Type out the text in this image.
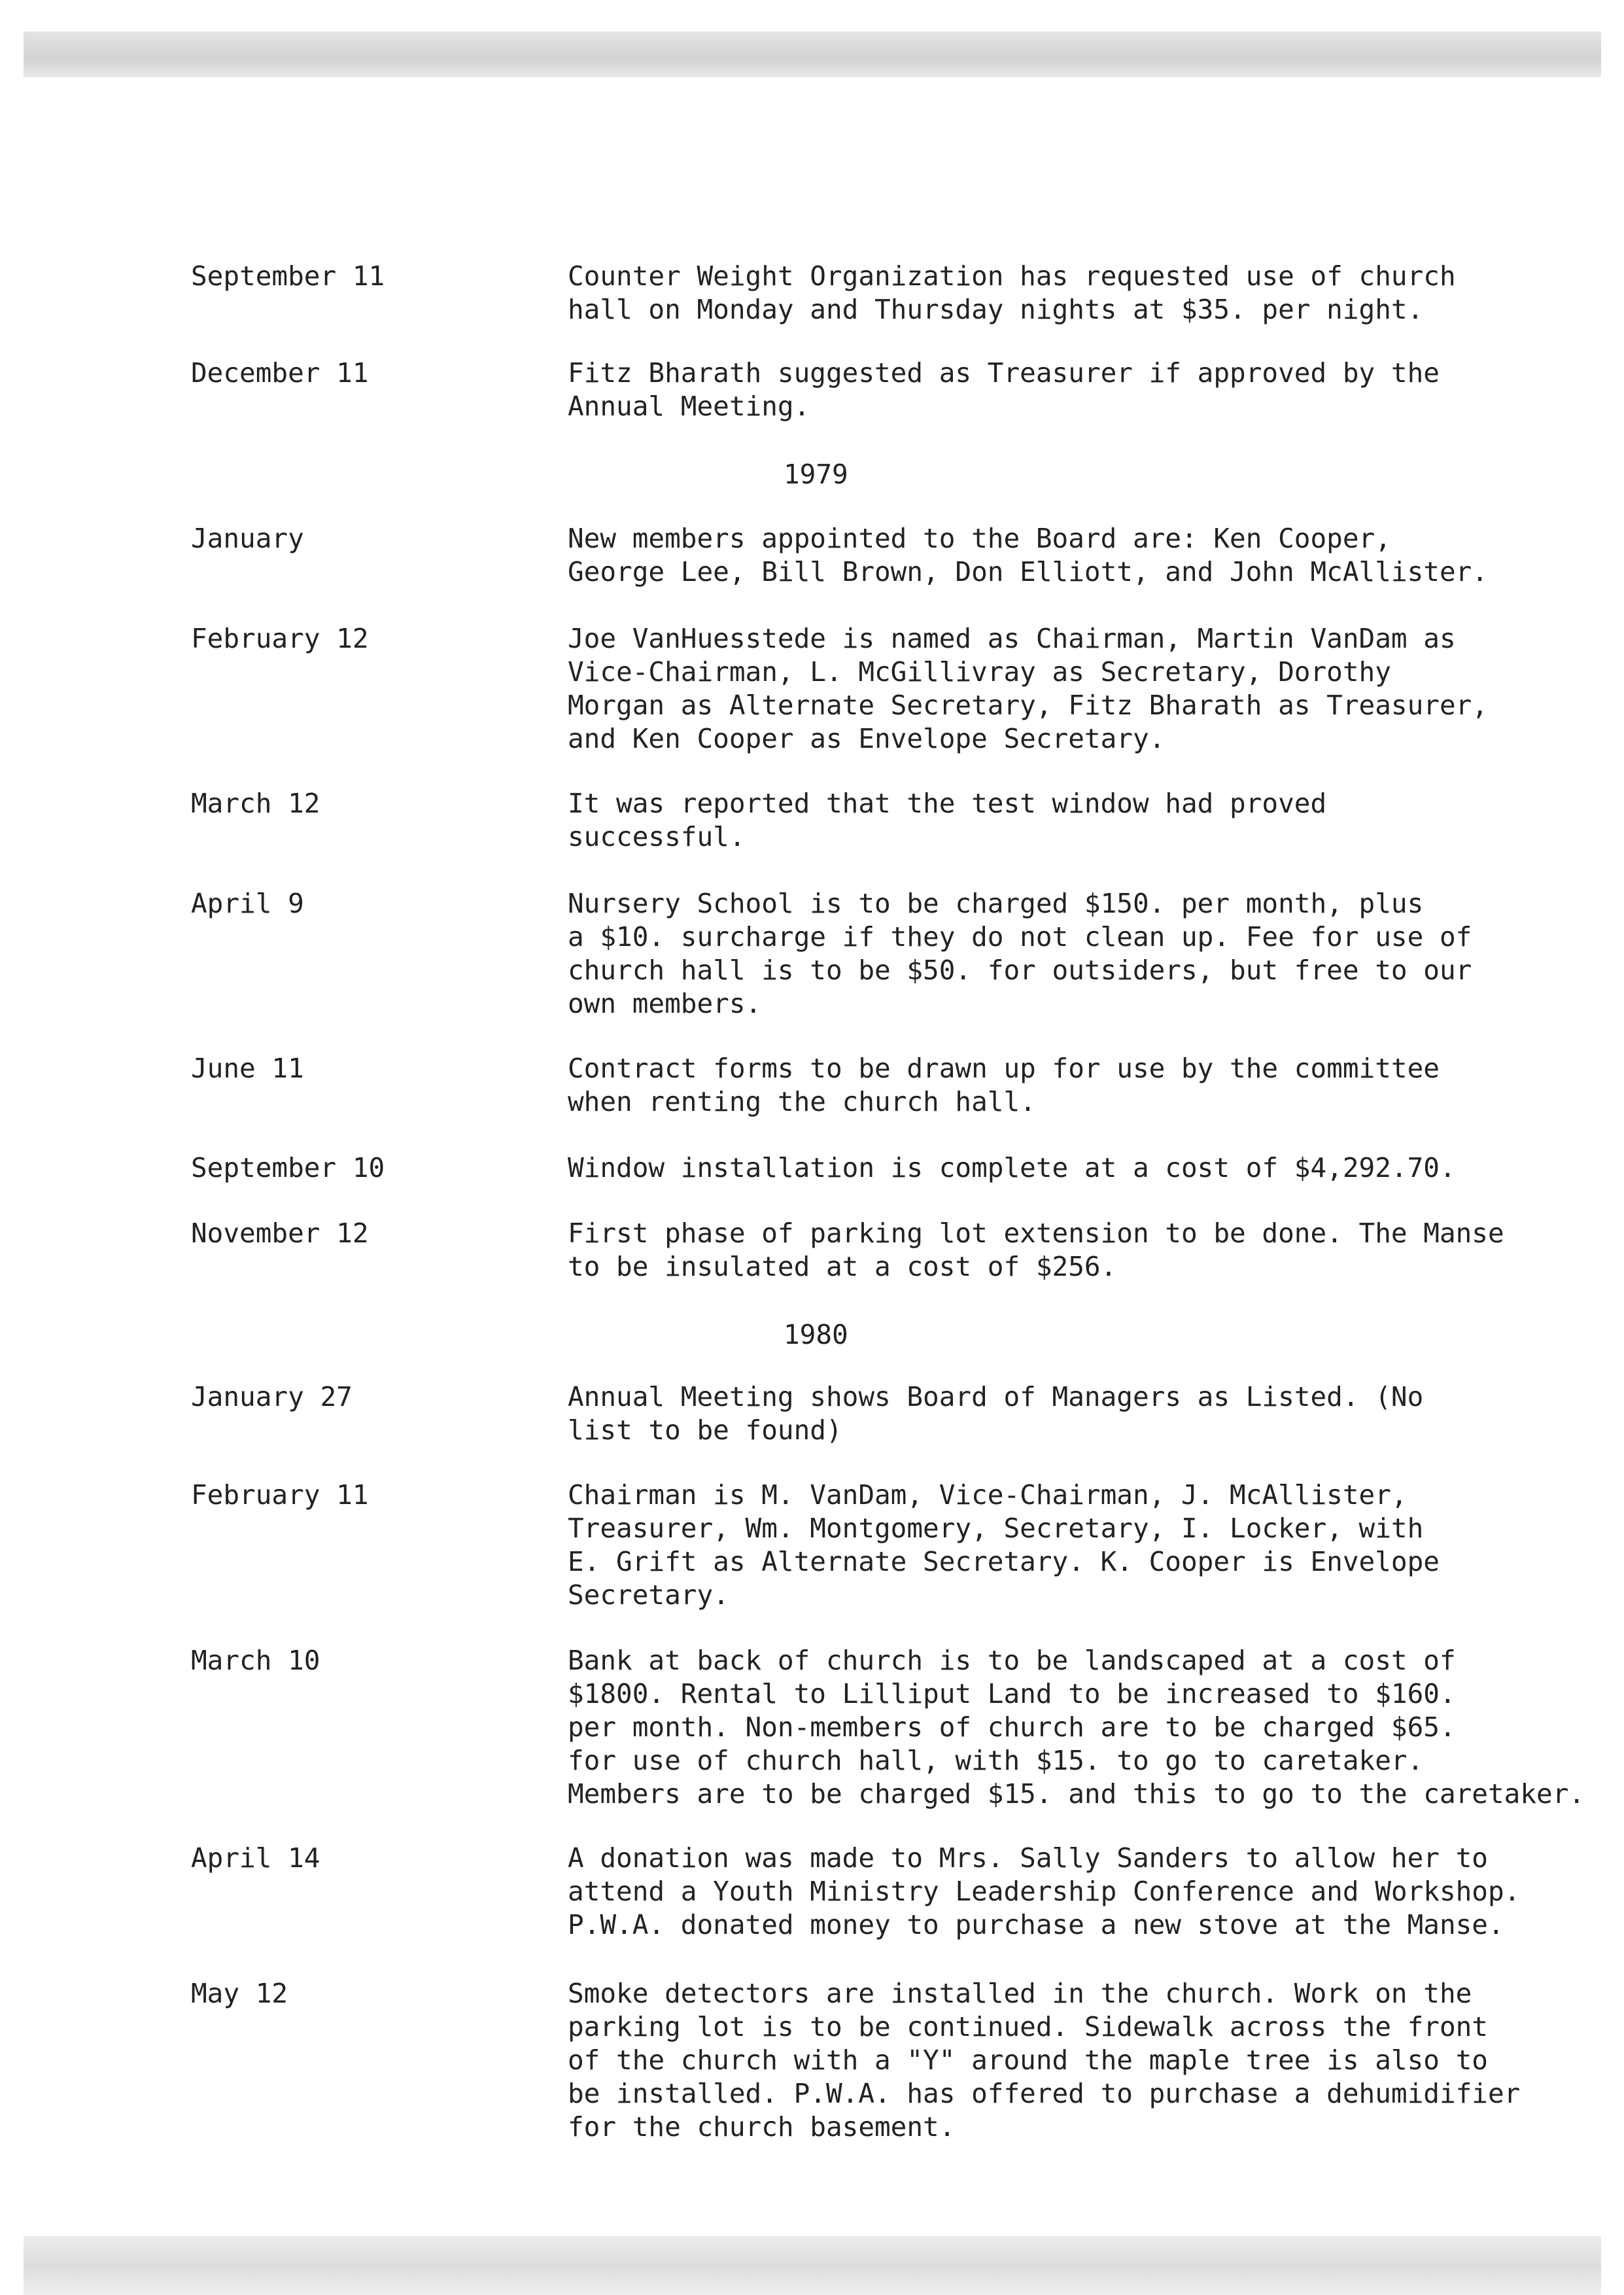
September 11	Counter Weight Organization has requested use of church
hall on Monday and Thursday nights at $35. per night.
December 11	Fitz Bharath suggested as Treasurer if approved by the
Annual Meeting.
1979
January	New members appointed to the Board are: Ken Cooper,
George Lee, Bill Brown, Don Elliott, and John McAllister.
February 12	Joe VanHuesstede is named as Chairman, Martin VanDam as
Vice-Chairman, L. McGillivray as Secretary, Dorothy
Morgan as Alternate Secretary, Fitz Bharath as Treasurer,
and Ken Cooper as Envelope Secretary.
March 12	It was reported that the test window had proved
successful.
April 9	Nursery School is to be charged $150. per month, plus
a $10. surcharge if they do not clean up. Fee for use of
church hall is to be $50. for outsiders, but free to our
own members.
June 11	Contract forms to be drawn up for use by the committee
when renting the church hall.
September 10	Window installation is complete at a cost of $4,292.70.
November 12	First phase of parking lot extension to be done. The Manse
to be insulated at a cost of $256.
1980
January 27	Annual Meeting shows Board of Managers as Listed. (No
list to be found)
February 11	Chairman is M. VanDam, Vice-Chairman, J. McAllister,
Treasurer, Wm. Montgomery, Secretary, I. Locker, with
E. Grift as Alternate Secretary. K. Cooper is Envelope
Secretary.
March 10	Bank at back of church is to be landscaped at a cost of
$1800. Rental to Lilliput Land to be increased to $160.
per month. Non-members of church are to be charged $65.
for use of church hall, with $15. to go to caretaker.
Members are to be charged $15. and this to go to the caretaker.
April 14	A donation was made to Mrs. Sally Sanders to allow her to
attend a Youth Ministry Leadership Conference and Workshop.
P.W.A. donated money to purchase a new stove at the Manse.
May 12	Smoke detectors are installed in the church. Work on the
parking lot is to be continued. Sidewalk across the front
of the church with a "Y" around the maple tree is also to
be installed. P.W.A. has offered to purchase a dehumidifier
for the church basement.
